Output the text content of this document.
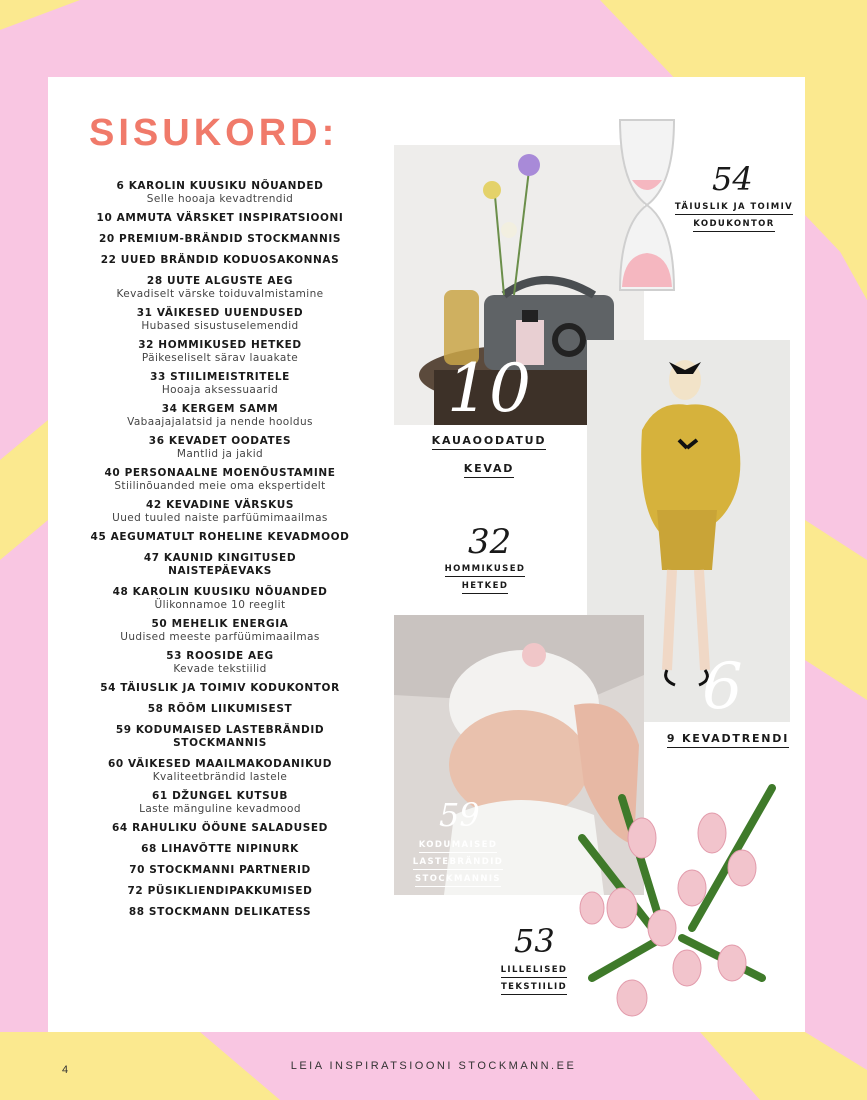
SISUKORD:
6 KAROLIN KUUSIKU NÕUANDED
Selle hooaja kevadtrendid
10 AMMUTA VÄRSKET INSPIRATSIOONI
20 PREMIUM-BRÄNDID STOCKMANNIS
22 UUED BRÄNDID KODUOSAKONNAS
28 UUTE ALGUSTE AEG
Kevadiselt värske toiduvalmistamine
31 VÄIKESED UUENDUSED
Hubased sisustuselemendid
32 HOMMIKUSED HETKED
Päikeseliselt särav lauakate
33 STIILIMEISTRITELE
Hooaja aksessuaarid
34 KERGEM SAMM
Vabaajajalatsid ja nende hooldus
36 KEVADET OODATES
Mantlid ja jakid
40 PERSONAALNE MOENÕUSTAMINE
Stiilinõuanded meie oma ekspertidelt
42 KEVADINE VÄRSKUS
Uued tuuled naiste parfüümimaailmas
45 AEGUMATULT ROHELINE KEVADMOOD
47 KAUNID KINGITUSED NAISTEPÄEVAKS
48 KAROLIN KUUSIKU NÕUANDED
Ülikonnamoe 10 reeglit
50 MEHELIK ENERGIA
Uudised meeste parfüümimaailmas
53 ROOSIDE AEG
Kevade tekstiilid
54 TÄIUSLIK JA TOIMIV KODUKONTOR
58 RÕÕM LIIKUMISEST
59 KODUMAISED LASTEBRÄNDID STOCKMANNIS
60 VÄIKESED MAAILMAKODANIKUD
Kvaliteetbrändid lastele
61 DŽUNGEL KUTSUB
Laste mänguline kevadmood
64 RAHULIKU ÖÖUNE SALADUSED
68 LIHAVÕTTE NIPINURK
70 STOCKMANNI PARTNERID
72 PÜSIKLIENDIPAKKUMISED
88 STOCKMANN DELIKATESS
10
KAUAOODATUD
KEVAD
54
TÄIUSLIK JA TOIMIV
KODUKONTOR
32
HOMMIKUSED
HETKED
6
9 KEVADTRENDI
59
KODUMAISED
LASTEBRÄNDID
STOCKMANNIS
53
LILLELISED
TEKSTIILID
LEIA INSPIRATSIOONI STOCKMANN.EE
4
